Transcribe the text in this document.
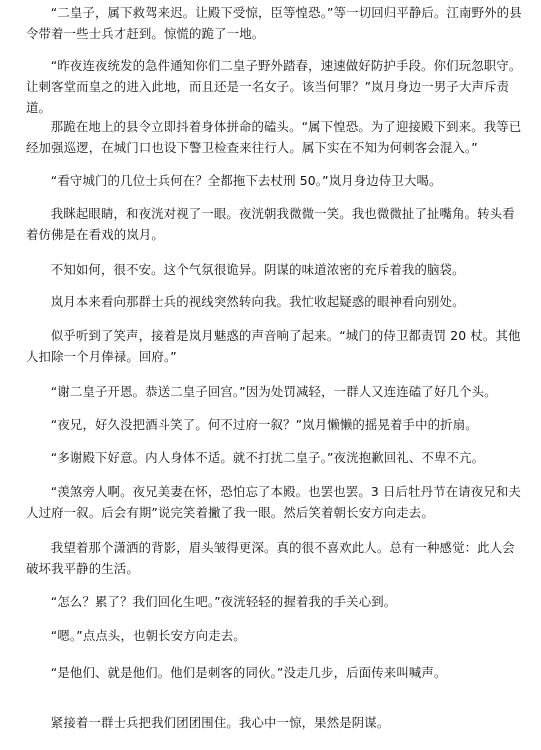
“二皇子，属下救驾来迟。让殿下受惊，臣等惶恐。”等一切回归平静后。江南野外的县令带着一些士兵才赶到。惊慌的跪了一地。

“昨夜连夜统发的急件通知你们二皇子野外踏春，速速做好防护手段。你们玩忽职守。让刺客堂而皇之的进入此地，而且还是一名女子。该当何罪？”岚月身边一男子大声斥责道。

那跪在地上的县令立即抖着身体拼命的磕头。“属下惶恐。为了迎接殿下到来。我等已经加强巡逻，在城门口也设下警卫检查来往行人。属下实在不知为何刺客会混入。”

“看守城门的几位士兵何在？全都拖下去杖刑 50。”岚月身边侍卫大喝。

我眯起眼睛，和夜洸对视了一眼。夜洸朝我微微一笑。我也微微扯了扯嘴角。转头看着仿佛是在看戏的岚月。

不知如何，很不安。这个气氛很诡异。阴谋的味道浓密的充斥着我的脑袋。

岚月本来看向那群士兵的视线突然转向我。我忙收起疑惑的眼神看向别处。

似乎听到了笑声，接着是岚月魅惑的声音响了起来。“城门的侍卫都责罚 20 杖。其他人扣除一个月俸禄。回府。”

“谢二皇子开恩。恭送二皇子回宫。”因为处罚减轻，一群人又连连磕了好几个头。

“夜兄，好久没把酒斗笑了。何不过府一叙？”岚月懒懒的摇晃着手中的折扇。

“多谢殿下好意。内人身体不适。就不打扰二皇子。”夜洸抱歉回礼、不卑不亢。

“羡煞旁人啊。夜兄美妻在怀，恐怕忘了本殿。也罢也罢。3 日后牡丹节在请夜兄和夫人过府一叙。后会有期”说完笑着撇了我一眼。然后笑着朝长安方向走去。

我望着那个潇洒的背影，眉头皱得更深。真的很不喜欢此人。总有一种感觉：此人会破坏我平静的生活。

“怎么？累了？我们回化生吧。”夜洸轻轻的握着我的手关心到。

“嗯。”点点头，也朝长安方向走去。

“是他们、就是他们。他们是刺客的同伙。”没走几步，后面传来叫喊声。

紧接着一群士兵把我们团团围住。我心中一惊，果然是阴谋。
